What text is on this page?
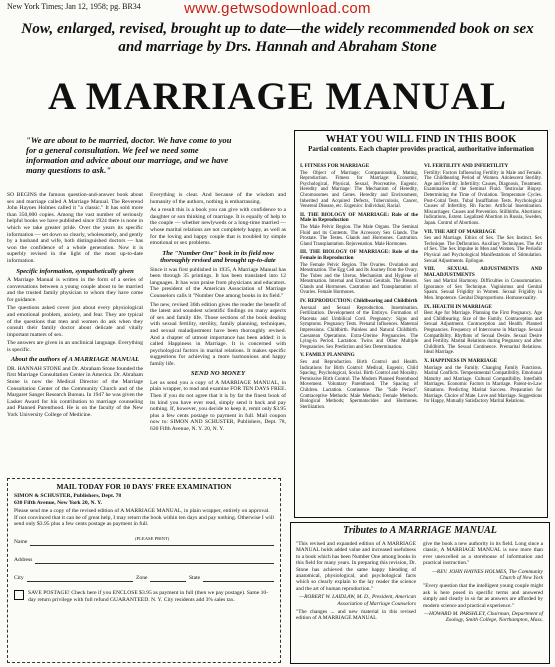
New York Times; Jan 12, 1958; pg. BR34	www.getwsodownload.com
Now, enlarged, revised, brought up to date—the widely recommended book on sex and marriage by Drs. Hannah and Abraham Stone
A MARRIAGE MANUAL
"We are about to be married, doctor. We have come to you for a general consultation. We feel we need some information and advice about our marriage, and we have many questions to ask."

SO BEGINS the famous question-and-answer book about sex and marriage called A Marriage Manual. The Reverend John Haynes Holmes called it "a classic." It has sold more than 350,000 copies. Among the vast number of seriously helpful books we have published since 1924 there is none in which we take greater pride. Over the years its specific information — set down so clearly, wholesomely, and gently by a husband and wife, both distinguished doctors — has won the confidence of a whole generation. Now it is superbly revised in the light of the most up-to-date information.

Specific information, sympathetically given

A Marriage Manual is written in the form of a series of conversations between a young couple about to be married and the trusted family physician to whom they have come for guidance.

The questions asked cover just about every physiological and emotional problem, anxiety, and fear. They are typical of the questions that men and women do ask when they consult their family doctor about delicate and vitally important matters of sex.

The answers are given in an unclinical language. Everything is specific.

About the authors of A MARRIAGE MANUAL

DR. HANNAH STONE and Dr. Abraham Stone founded the first Marriage Consultation Center in America. Dr. Abraham Stone is now the Medical Director of the Marriage Consultation Center of the Community Church and of the Margaret Sanger Research Bureau. In 1947 he was given the Lasker Award for his contribution to marriage counseling and Planned Parenthood. He is on the faculty of the New York University College of Medicine.

Everything is clear. And because of the wisdom and humanity of the authors, nothing is embarrassing.

As a result this is a book you can give with confidence to a daughter or son thinking of marriage. It is equally of help to the couple — whether newlyweds or a long-time married — whose marital relations are not completely happy, as well as for the loving and happy couple that is troubled by simple emotional or sex problems.

The "Number One" book in its field now thoroughly revised and brought up-to-date

Since it was first published in 1935, A Marriage Manual has been through 35 printings. It has been translated into 12 languages. It has won praise from physicians and educators. The president of the American Association of Marriage Counselors calls it "Number One among books in its field."

The new, revised 36th edition gives the reader the benefit of the latest and soundest scientific findings on many aspects of sex and family life. Those sections of the book dealing with sexual fertility, sterility, family planning, techniques, and sexual maladjustment have been thoroughly revised. And a chapter of utmost importance has been added: it is called Happiness in Marriage. It is concerned with psychological factors in marital relations. It makes specific suggestions for achieving a more harmonious and happy family life.

SEND NO MONEY

Let us send you a copy of A MARRIAGE MANUAL, in plain wrapper, to read and examine FOR TEN DAYS FREE. Then if you do not agree that it is by far the finest book of its kind you have ever read, simply send it back and pay nothing. If, however, you decide to keep it, remit only $3.95 plus a few cents postage to payment in full. Mail coupon now to: SIMON AND SCHUSTER, Publishers, Dept. 78, 630 Fifth Avenue, N. Y. 20, N. Y.

WHAT YOU WILL FIND IN THIS BOOK
Partial contents. Each chapter provides practical, authoritative information
I. FITNESS FOR MARRIAGE

The Object of Marriage; Companionship, Mating, Reproduction. Fitness for Marriage: Economic, Psychological, Physical, Sexual, Procreative, Eugenic. Heredity and Marriage: The Mechanism of Heredity, Chromosomes and Genes. Heredity and Environment, Inherited and Acquired Defects, Tuberculosis, Cancer, Venereal Disease, etc. Eugenics: Individual, Racial.

II. THE BIOLOGY OF MARRIAGE: Role of the Male in Reproduction

The Male Pelvic Region. The Male Organs. The Seminal Fluid and its Contents. The Accessory Sex Glands. The Prostate. The Testes. Glands and Hormones. Castration. Gland Transplantation. Rejuvenation. Male Hormones.

III. THE BIOLOGY OF MARRIAGE: Role of the Female in Reproduction

The Female Pelvic Region. The Ovaries. Ovulation and Menstruation. The Egg Cell and Its Journey from the Ovary. The Tubes and the Uterus. Mechanism and Hygiene of Menstruation. Internal and External Genitals. The Breasts. Glands and Hormones. Castration and Transplantation of Ovaries. Female Hormones.

IV. REPRODUCTION: Childbearing and Childbirth

Asexual and Sexual Reproduction. Insemination. Fertilization. Development of the Embryo. Formation of Placenta and Umbilical Cord. Pregnancy: Signs and Symptoms. Pregnancy Tests. Prenatal Influences. Maternal Impressions. Childbirth. Painless and Natural Childbirth. Caesarean Operations. Extra-Uterine Pregnancies. The Lying-in Period. Lactation. Twins and Other Multiple Pregnancies. Sex Prediction and Sex Determination.

V. FAMILY PLANNING

Sex and Reproduction. Birth Control and Health. Indications for Birth Control: Medical, Eugenic, Child Spacing, Psychological, Social. Birth Control and Morality. Permissive Birth Control. The Modern Planned Parenthood Movement. Voluntary Parenthood. The Spacing of Children. Lactation. Continence. The "Safe Period". Contraceptive Methods: Male Methods; Female Methods. Biological Methods; Spermatocides and Hormones. Sterilization.

VI. FERTILITY AND INFERTILITY

Fertility: Factors Influencing Fertility in Male and Female. The Childbearing Period of Women. Adolescent Sterility. Age and Fertility. Infertility: Causes, Diagnosis, Treatment. Examination of the Seminal Fluid. Testicular Biopsy. Determining the Time of Ovulation. Temperature Cycles. Post-Coital Tests. Tubal Insufflation Tests. Psychological Causes of Infertility. Rh Factor. Artificial Insemination. Miscarriages: Causes and Prevention. Stillbirths. Abortions: Indications, Extent. Legalized Abortion in Russia, Sweden, Japan. Control of Abortions.

VII. THE ART OF MARRIAGE

Sex and Marriage. Ethics of Sex. The Sex Instinct. Sex Technique. The Defloration. Auxiliary Techniques. The Art of Sex. The Sex Impulse in Men and Women. The Periodic Physical and Psychological Manifestations of Stimulation. Sexual Adjustments. Epilogue.

VIII. SEXUAL ADJUSTMENTS AND MALADJUSTMENTS

Sex and Marital Harmony. Difficulties in Consummation. Ignorance of Sex Technique. Vaginismus and Genital Spasm. Sexual Frigidity in Women. Sexual Frigidity in Men. Impotence. Genital Disproportions. Homosexuality.

IX. HEALTH IN MARRIAGE

Best Age for Marriage. Planning the First Pregnancy. Age and Childbearing. Size of the Family. Contraception and Sexual Adjustment. Contraception and Health. Planned Pregnancies. Frequency of Intercourse in Marriage. Sexual Compatibility. Rhythms of Sexual Desire. Sexual Desire and Fertility. Marital Relations during Pregnancy and after Childbirth. The Sexual Continence. Premarital Relations. Ideal Marriage.

X. HAPPINESS IN MARRIAGE

Marriage and the Family. Changing Family Functions. Marital Conflicts. Temperamental Compatibility. Emotional Maturity and Marriage. Cultural Compatibility. Interfaith Marriages. Economic Factors in Marriage. Parent-in-Law Situations. Predicting Marital Success. Preparation for Marriage. Choice of Mate. Love and Marriage. Suggestions for Happy, Mutually Satisfactory Marital Relations.

MAIL TODAY FOR 10 DAYS' FREE EXAMINATION
SIMON & SCHUSTER, Publishers, Dept. 78
630 Fifth Avenue, New York 20, N. Y.
Please send me a copy of the revised edition of A MARRIAGE MANUAL, in plain wrapper, entirely on approval. If not convinced that it can be of great help, I may return the book within ten days and pay nothing. Otherwise I will send only $3.95 plus a few cents postage as payment in full.
Name
(PLEASE PRINT)
Address
City	Zone	State
SAVE POSTAGE! Check here if you ENCLOSE $3.95 as payment in full (then we pay postage). Same 10-day return privilege with full refund GUARANTEED. N. Y. City residents add 3% sales tax.
Tributes to A MARRIAGE MANUAL

"This revised and expanded edition of A MARRIAGE MANUAL holds added value and increased usefulness to a book which has been Number One among books in this field for many years. In preparing this revision, Dr. Stone has achieved the same happy blending of anatomical, physiological, and psychological facts which so clearly explain to the lay reader the science and the art of human reproduction."

—ROBERT W. LAIDLAW, M. D., President, American Association of Marriage Counselors

"The changes ... and new material in this revised edition of A MARRIAGE MANUAL

give the book a new authority in its field. Long since a classic, A MARRIAGE MANUAL is now more than ever unexcelled as a storehouse of information and practical instruction."

—REV. JOHN HAYNES HOLMES, The Community Church of New York

"Every question that the intelligent young couple might ask is here posed in specific terms and answered simply and clearly in so far as answers are afforded by modern science and practical experience."

—HOWARD M. PARSHLEY, Chairman, Department of Zoology, Smith College, Northampton, Mass.
